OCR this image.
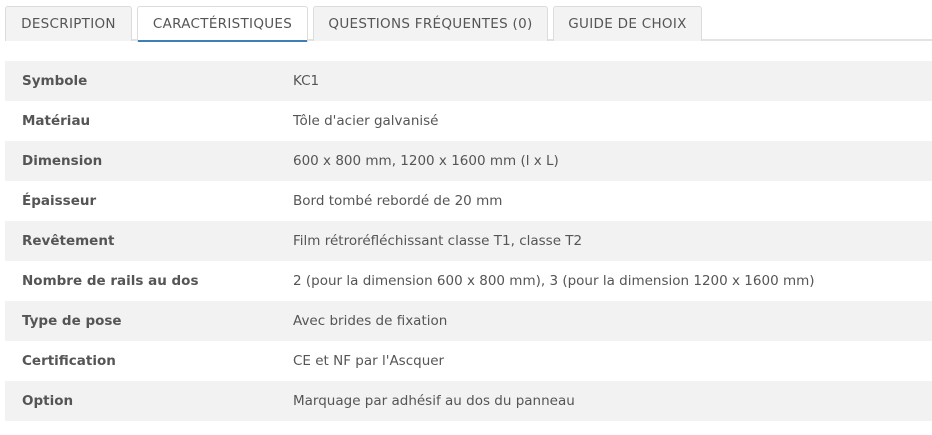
DESCRIPTION	CARACTÉRISTIQUES	QUESTIONS FRÉQUENTES (0)	GUIDE DE CHOIX
Symbole	KC1
Matériau	Tôle d'acier galvanisé
Dimension	600 x 800 mm, 1200 x 1600 mm (l x L)
Épaisseur	Bord tombé rebordé de 20 mm
Revêtement	Film rétroréfléchissant classe T1, classe T2
Nombre de rails au dos	2 (pour la dimension 600 x 800 mm), 3 (pour la dimension 1200 x 1600 mm)
Type de pose	Avec brides de fixation
Certification	CE et NF par l'Ascquer
Option	Marquage par adhésif au dos du panneau
